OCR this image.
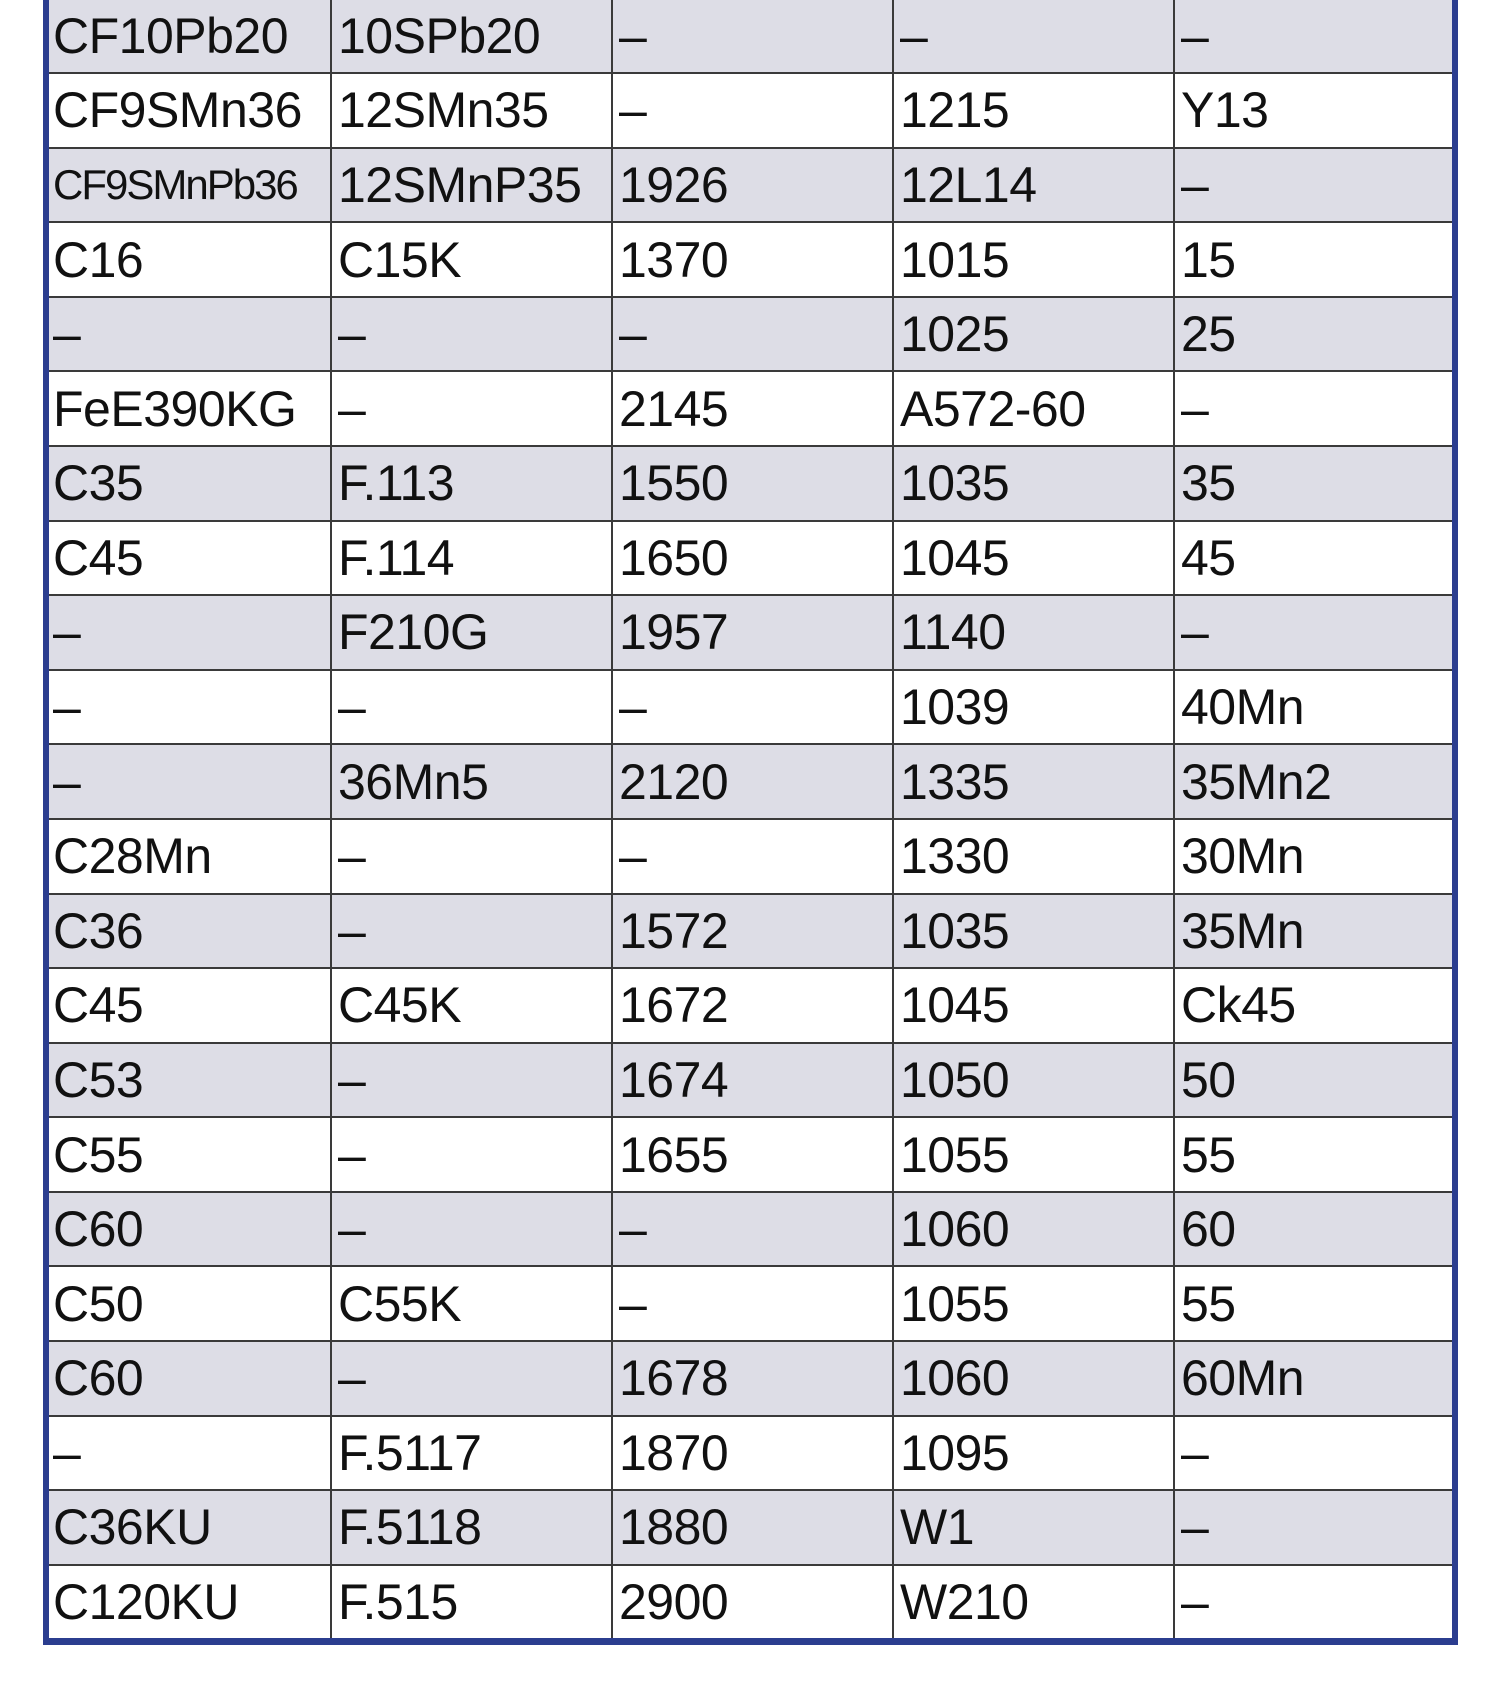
CF10Pb20	10SPb20	–	–	–
CF9SMn36	12SMn35	–	1215	Y13
CF9SMnPb36	12SMnP35	1926	12L14	–
C16	C15K	1370	1015	15
–	–	–	1025	25
FeE390KG	–	2145	A572-60	–
C35	F.113	1550	1035	35
C45	F.114	1650	1045	45
–	F210G	1957	1140	–
–	–	–	1039	40Mn
–	36Mn5	2120	1335	35Mn2
C28Mn	–	–	1330	30Mn
C36	–	1572	1035	35Mn
C45	C45K	1672	1045	Ck45
C53	–	1674	1050	50
C55	–	1655	1055	55
C60	–	–	1060	60
C50	C55K	–	1055	55
C60	–	1678	1060	60Mn
–	F.5117	1870	1095	–
C36KU	F.5118	1880	W1	–
C120KU	F.515	2900	W210	–
